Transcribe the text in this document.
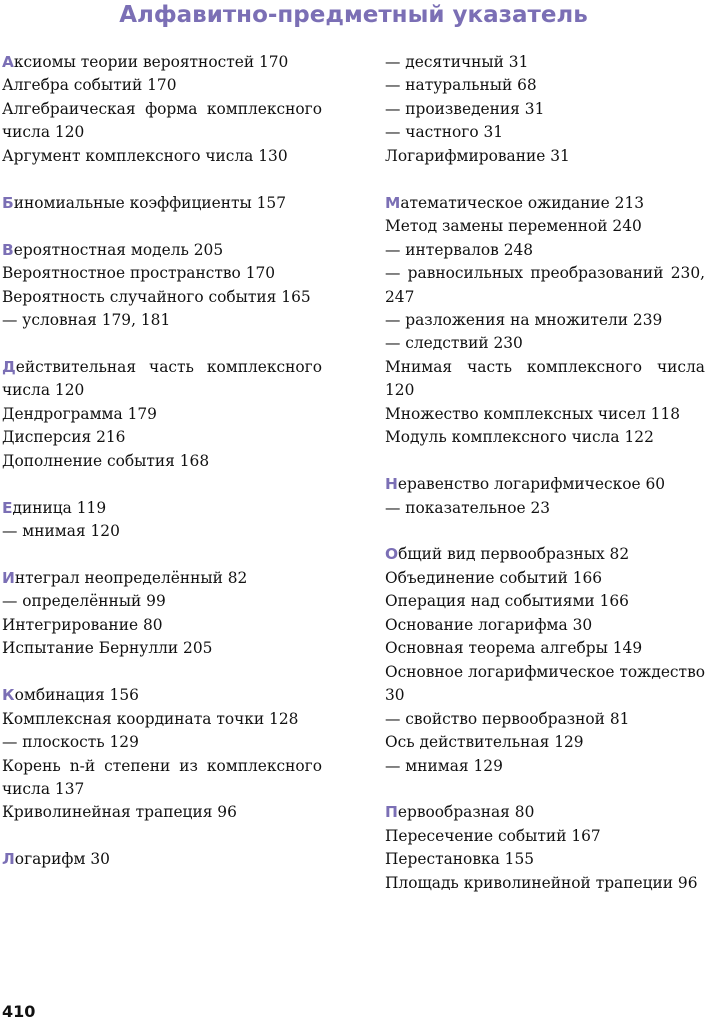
Алфавитно-предметный указатель
Аксиомы теории вероятностей 170
Алгебра событий 170
Алгебраическая форма комплексного числа 120
Аргумент комплексного числа 130
Биномиальные коэффициенты 157
Вероятностная модель 205
Вероятностное пространство 170
Вероятность случайного события 165
— условная 179, 181
Действительная часть комплексного числа 120
Дендрограмма 179
Дисперсия 216
Дополнение события 168
Единица 119
— мнимая 120
Интеграл неопределённый 82
— определённый 99
Интегрирование 80
Испытание Бернулли 205
Комбинация 156
Комплексная координата точки 128
— плоскость 129
Корень n-й степени из комплексного числа 137
Криволинейная трапеция 96
Логарифм 30
— десятичный 31
— натуральный 68
— произведения 31
— частного 31
Логарифмирование 31
Математическое ожидание 213
Метод замены переменной 240
— интервалов 248
— равносильных преобразований 230, 247
— разложения на множители 239
— следствий 230
Мнимая часть комплексного числа 120
Множество комплексных чисел 118
Модуль комплексного числа 122
Неравенство логарифмическое 60
— показательное 23
Общий вид первообразных 82
Объединение событий 166
Операция над событиями 166
Основание логарифма 30
Основная теорема алгебры 149
Основное логарифмическое тождество 30
— свойство первообразной 81
Ось действительная 129
— мнимая 129
Первообразная 80
Пересечение событий 167
Перестановка 155
Площадь криволинейной трапеции 96
410
